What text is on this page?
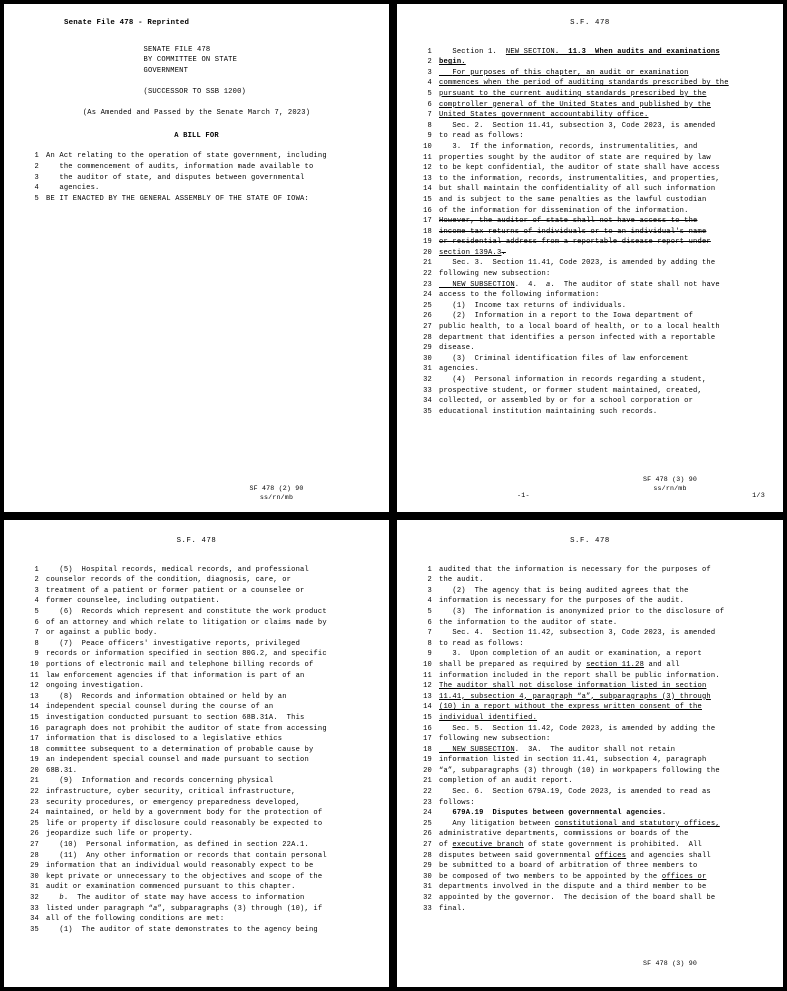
Senate File 478 - Reprinted
SENATE FILE 478
BY COMMITTEE ON STATE
GOVERNMENT
(SUCCESSOR TO SSB 1200)
(As Amended and Passed by the Senate March 7, 2023)
A BILL FOR
1 An Act relating to the operation of state government, including
2 the commencement of audits, information made available to
3 the auditor of state, and disputes between governmental
4 agencies.
5 BE IT ENACTED BY THE GENERAL ASSEMBLY OF THE STATE OF IOWA:
SF 478 (2) 90
ss/rn/mb
S.F. 478
1 Section 1.  NEW SECTION.  11.3  When audits and examinations
2 begin.
3 For purposes of this chapter, an audit or examination
4 commences when the period of auditing standards prescribed by the
5 pursuant to the current auditing standards prescribed by the
6 comptroller general of the United States and published by the
7 United States government accountability office.
8 Sec. 2.  Section 11.41, subsection 3, Code 2023, is amended
9 to read as follows:
10 3.  If the information, records, instrumentalities, and
11 properties sought by the auditor of state are required by law
12 to be kept confidential, the auditor of state shall have access
13 to the information, records, instrumentalities, and properties,
14 but shall maintain the confidentiality of all such information
15 and is subject to the same penalties as the lawful custodian
16 of the information for dissemination of the information.
17 However, the auditor of state shall not have access to the
18 income tax returns of individuals or to an individual's name
19 or residential address from a reportable disease report under
20 section 139A.3.
21 Sec. 3.  Section 11.41, Code 2023, is amended by adding the
22 following new subsection:
23 NEW SUBSECTION.  4.  a.  The auditor of state shall not have
24 access to the following information:
25 (1)  Income tax returns of individuals.
26 (2)  Information in a report to the Iowa department of
27 public health, to a local board of health, or to a local health
28 department that identifies a person infected with a reportable
29 disease.
30 (3)  Criminal identification files of law enforcement
31 agencies.
32 (4)  Personal information in records regarding a student,
33 prospective student, or former student maintained, created,
34 collected, or assembled by or for a school corporation or
35 educational institution maintaining such records.
SF 478 (3) 90
ss/rn/mb
-1-	1/3
S.F. 478
1 (5)  Hospital records, medical records, and professional
2 counselor records of the condition, diagnosis, care, or
3 treatment of a patient or former patient or a counselee or
4 former counselee, including outpatient.
5 (6)  Records which represent and constitute the work product
6 of an attorney and which relate to litigation or claims made by
7 or against a public body.
8 (7)  Peace officers' investigative reports, privileged
9 records or information specified in section 80G.2, and specific
10 portions of electronic mail and telephone billing records of
11 law enforcement agencies if that information is part of an
12 ongoing investigation.
13 (8)  Records and information obtained or held by an
14 independent special counsel during the course of an
15 investigation conducted pursuant to section 68B.31A.  This
16 paragraph does not prohibit the auditor of state from accessing
17 information that is disclosed to a legislative ethics
18 committee subsequent to a determination of probable cause by
19 an independent special counsel and made pursuant to section
20 68B.31.
21 (9)  Information and records concerning physical
22 infrastructure, cyber security, critical infrastructure,
23 security procedures, or emergency preparedness developed,
24 maintained, or held by a government body for the protection of
25 life or property if disclosure could reasonably be expected to
26 jeopardize such life or property.
27 (10)  Personal information, as defined in section 22A.1.
28 (11)  Any other information or records that contain personal
29 information that an individual would reasonably expect to be
30 kept private or unnecessary to the objectives and scope of the
31 audit or examination commenced pursuant to this chapter.
32 b.  The auditor of state may have access to information
33 listed under paragraph “a”, subparagraphs (3) through (10), if
34 all of the following conditions are met:
35 (1)  The auditor of state demonstrates to the agency being
S.F. 478
1 audited that the information is necessary for the purposes of
2 the audit.
3 (2)  The agency that is being audited agrees that the
4 information is necessary for the purposes of the audit.
5 (3)  The information is anonymized prior to the disclosure of
6 the information to the auditor of state.
7 Sec. 4.  Section 11.42, subsection 3, Code 2023, is amended
8 to read as follows:
9 3.  Upon completion of an audit or examination, a report
10 shall be prepared as required by section 11.28 and all
11 information included in the report shall be public information.
12 The auditor shall not disclose information listed in section
13 11.41, subsection 4, paragraph “a”, subparagraphs (3) through
14 (10) in a report without the express written consent of the
15 individual identified.
16 Sec. 5.  Section 11.42, Code 2023, is amended by adding the
17 following new subsection:
18 NEW SUBSECTION.  3A.  The auditor shall not retain
19 information listed in section 11.41, subsection 4, paragraph
20 “a”, subparagraphs (3) through (10) in workpapers following the
21 completion of an audit report.
22 Sec. 6.  Section 679A.19, Code 2023, is amended to read as
23 follows:
24 679A.19  Disputes between governmental agencies.
25 Any litigation between constitutional and statutory offices,
26 administrative departments, commissions or boards of the
27 of executive branch of state government is prohibited.  All
28 disputes between said governmental offices and agencies shall
29 be submitted to a board of arbitration of three members to
30 be composed of two members to be appointed by the offices or
31 departments involved in the dispute and a third member to be
32 appointed by the governor.  The decision of the board shall be
33 final.
SF 478 (3) 90
